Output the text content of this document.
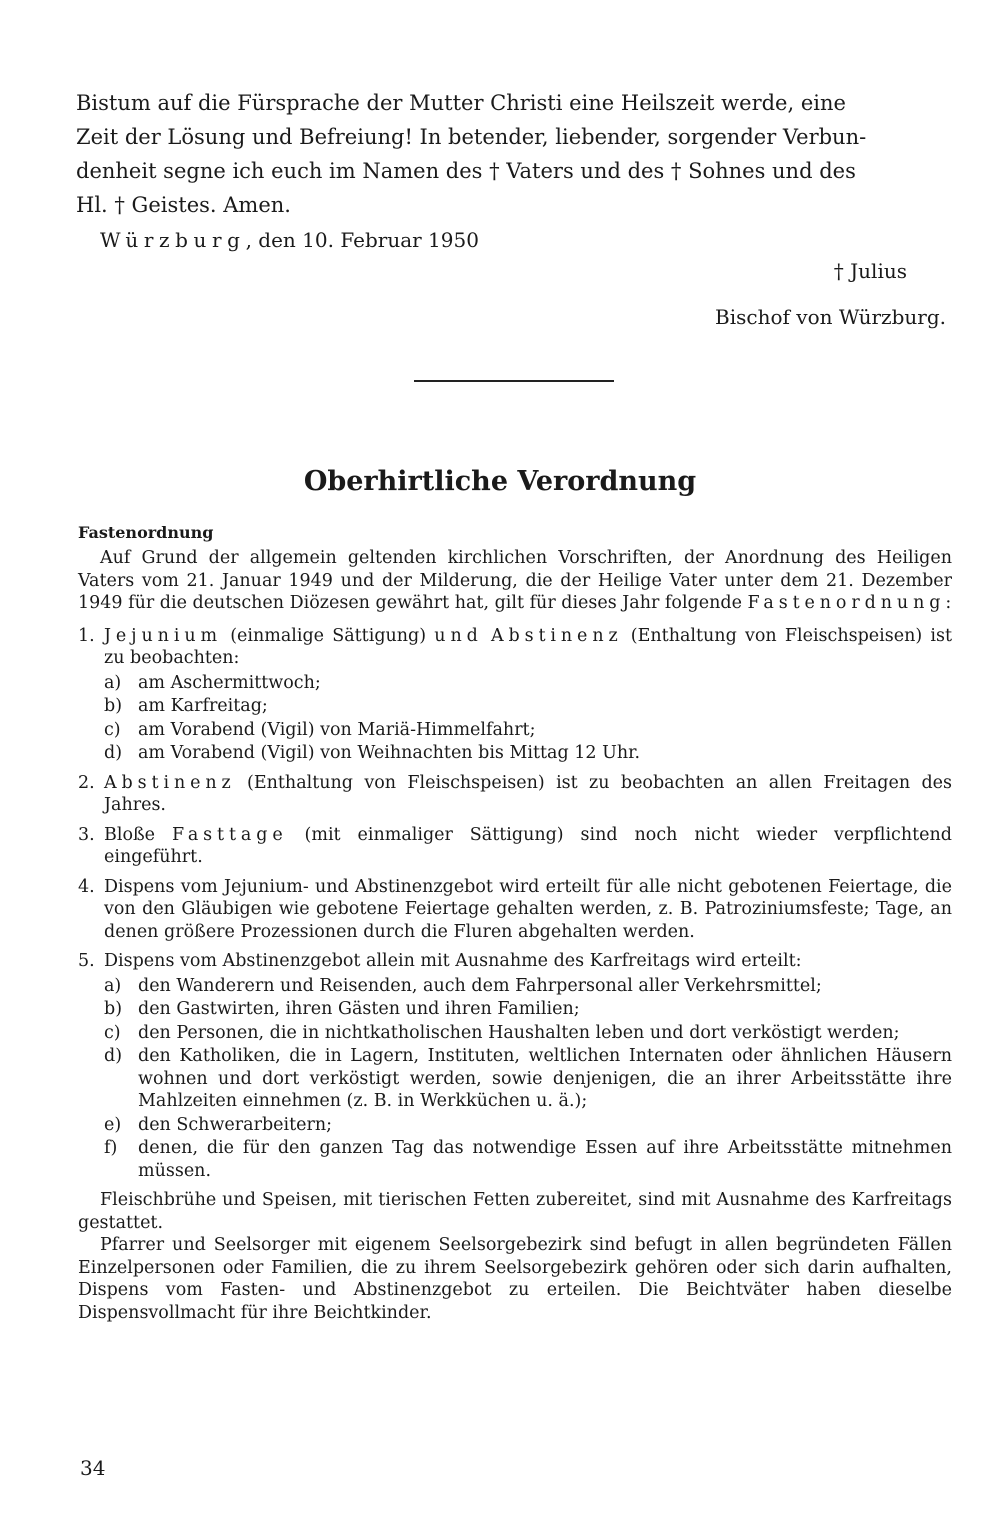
Bistum auf die Fürsprache der Mutter Christi eine Heilszeit werde, eine

Zeit der Lösung und Befreiung! In betender, liebender, sorgender Verbun-

denheit segne ich euch im Namen des † Vaters und des † Sohnes und des

Hl. † Geistes. Amen.

Würzburg, den 10. Februar 1950
† Julius
Bischof von Würzburg.
Oberhirtliche Verordnung
Fastenordnung

Auf Grund der allgemein geltenden kirchlichen Vorschriften, der Anordnung des Heiligen Vaters vom 21. Januar 1949 und der Milderung, die der Heilige Vater unter dem 21. Dezember 1949 für die deutschen Diözesen gewährt hat, gilt für dieses Jahr folgende Fastenordnung:

1. Jejunium (einmalige Sättigung) und Abstinenz (Enthaltung von Fleischspeisen) ist zu beobachten:
a) am Aschermittwoch;
b) am Karfreitag;
c) am Vorabend (Vigil) von Mariä-Himmelfahrt;
d) am Vorabend (Vigil) von Weihnachten bis Mittag 12 Uhr.
2. Abstinenz (Enthaltung von Fleischspeisen) ist zu beobachten an allen Freitagen des Jahres.
3. Bloße Fasttage (mit einmaliger Sättigung) sind noch nicht wieder verpflichtend eingeführt.
4. Dispens vom Jejunium- und Abstinenzgebot wird erteilt für alle nicht gebotenen Feiertage, die von den Gläubigen wie gebotene Feiertage gehalten werden, z. B. Patroziniumsfeste; Tage, an denen größere Prozessionen durch die Fluren abgehalten werden.
5. Dispens vom Abstinenzgebot allein mit Ausnahme des Karfreitags wird erteilt:
a) den Wanderern und Reisenden, auch dem Fahrpersonal aller Verkehrsmittel;
b) den Gastwirten, ihren Gästen und ihren Familien;
c) den Personen, die in nichtkatholischen Haushalten leben und dort verköstigt werden;
d) den Katholiken, die in Lagern, Instituten, weltlichen Internaten oder ähnlichen Häusern wohnen und dort verköstigt werden, sowie denjenigen, die an ihrer Arbeitsstätte ihre Mahlzeiten einnehmen (z. B. in Werkküchen u. ä.);
e) den Schwerarbeitern;
f) denen, die für den ganzen Tag das notwendige Essen auf ihre Arbeitsstätte mitnehmen müssen.

Fleischbrühe und Speisen, mit tierischen Fetten zubereitet, sind mit Ausnahme des Karfreitags gestattet.

Pfarrer und Seelsorger mit eigenem Seelsorgebezirk sind befugt in allen begründeten Fällen Einzelpersonen oder Familien, die zu ihrem Seelsorgebezirk gehören oder sich darin aufhalten, Dispens vom Fasten- und Abstinenzgebot zu erteilen. Die Beichtväter haben dieselbe Dispensvollmacht für ihre Beichtkinder.

34
